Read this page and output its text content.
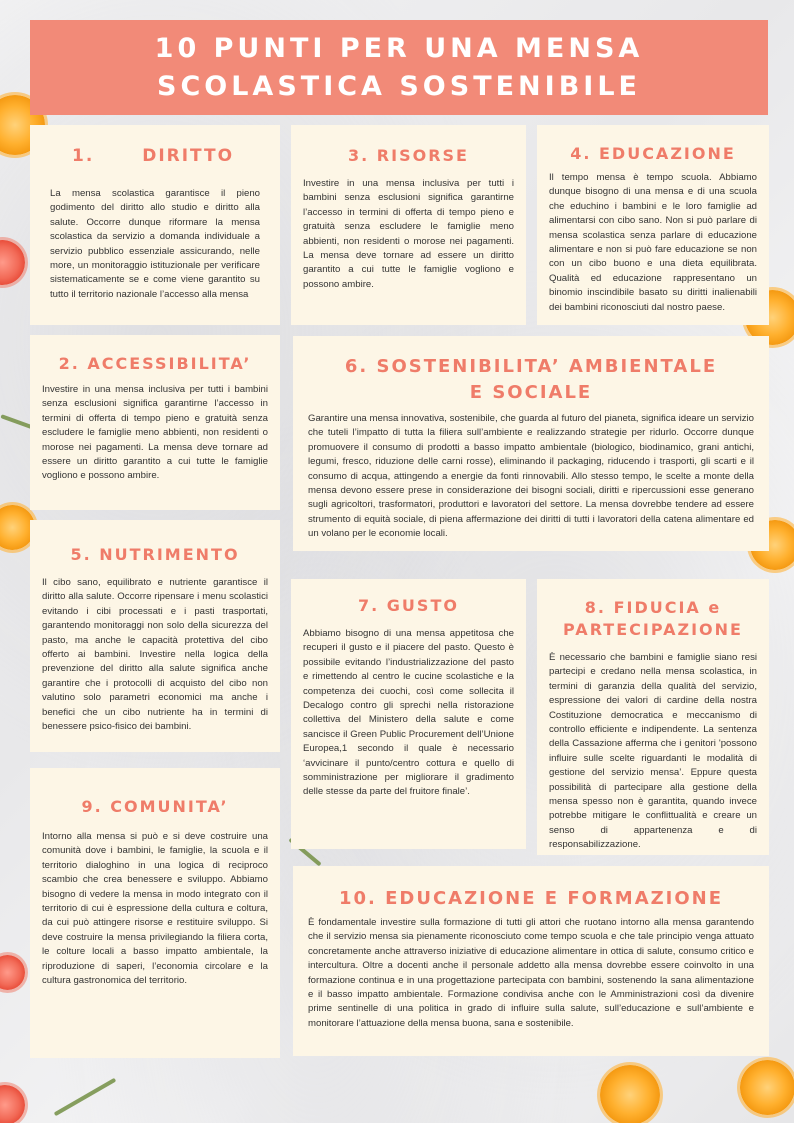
10 PUNTI PER UNA MENSA SCOLASTICA SOSTENIBILE
1. DIRITTO

La mensa scolastica garantisce il pieno godimento del diritto allo studio e diritto alla salute. Occorre dunque riformare la mensa scolastica da servizio a domanda individuale a servizio pubblico essenziale assicurando, nelle more, un monitoraggio istituzionale per verificare sistematicamente se e come viene garantito su tutto il territorio nazionale l’accesso alla mensa

3. RISORSE

Investire in una mensa inclusiva per tutti i bambini senza esclusioni significa garantirne l’accesso in termini di offerta di tempo pieno e gratuità senza escludere le famiglie meno abbienti, non residenti o morose nei pagamenti. La mensa deve tornare ad essere un diritto garantito a cui tutte le famiglie vogliono e possono ambire.

4. EDUCAZIONE

Il tempo mensa è tempo scuola. Abbiamo dunque bisogno di una mensa e di una scuola che educhino i bambini e le loro famiglie ad alimentarsi con cibo sano. Non si può parlare di mensa scolastica senza parlare di educazione alimentare e non si può fare educazione se non con un cibo buono e una dieta equilibrata. Qualità ed educazione rappresentano un binomio inscindibile basato su diritti inalienabili dei bambini riconosciuti dal nostro paese.

2. ACCESSIBILITA’

Investire in una mensa inclusiva per tutti i bambini senza esclusioni significa garantirne l’accesso in termini di offerta di tempo pieno e gratuità senza escludere le famiglie meno abbienti, non residenti o morose nei pagamenti. La mensa deve tornare ad essere un diritto garantito a cui tutte le famiglie vogliono e possono ambire.

6. SOSTENIBILITA’ AMBIENTALE E SOCIALE

Garantire una mensa innovativa, sostenibile, che guarda al futuro del pianeta, significa ideare un servizio che tuteli l’impatto di tutta la filiera sull’ambiente e realizzando strategie per ridurlo. Occorre dunque promuovere il consumo di prodotti a basso impatto ambientale (biologico, biodinamico, grani antichi, legumi, fresco, riduzione delle carni rosse), eliminando il packaging, riducendo i trasporti, gli scarti e il consumo di acqua, attingendo a energie da fonti rinnovabili. Allo stesso tempo, le scelte a monte della mensa devono essere prese in considerazione dei bisogni sociali, diritti e ripercussioni esse generano sugli agricoltori, trasformatori, produttori e lavoratori del settore. La mensa dovrebbe tendere ad essere strumento di equità sociale, di piena affermazione dei diritti di tutti i lavoratori della catena alimentare ed un volano per le economie locali.

5. NUTRIMENTO

Il cibo sano, equilibrato e nutriente garantisce il diritto alla salute. Occorre ripensare i menu scolastici evitando i cibi processati e i pasti trasportati, garantendo monitoraggi non solo della sicurezza del pasto, ma anche le capacità protettiva del cibo offerto ai bambini. Investire nella logica della prevenzione del diritto alla salute significa anche garantire che i protocolli di acquisto del cibo non valutino solo parametri economici ma anche i benefici che un cibo nutriente ha in termini di benessere psico-fisico dei bambini.

7. GUSTO

Abbiamo bisogno di una mensa appetitosa che recuperi il gusto e il piacere del pasto. Questo è possibile evitando l’industrializzazione del pasto e rimettendo al centro le cucine scolastiche e la competenza dei cuochi, così come sollecita il Decalogo contro gli sprechi nella ristorazione collettiva del Ministero della salute e come sancisce il Green Public Procurement dell’Unione Europea,1 secondo il quale è necessario ‘avvicinare il punto/centro cottura e quello di somministrazione per migliorare il gradimento delle stesse da parte del fruitore finale’.

8. FIDUCIA e PARTECIPAZIONE

È necessario che bambini e famiglie siano resi partecipi e credano nella mensa scolastica, in termini di garanzia della qualità del servizio, espressione dei valori di cardine della nostra Costituzione democratica e meccanismo di controllo efficiente e indipendente. La sentenza della Cassazione afferma che i genitori 'possono influire sulle scelte riguardanti le modalità di gestione del servizio mensa’. Eppure questa possibilità di partecipare alla gestione della mensa spesso non è garantita, quando invece potrebbe mitigare le conflittualità e creare un senso di appartenenza e di responsabilizzazione.

9. COMUNITA’

Intorno alla mensa si può e si deve costruire una comunità dove i bambini, le famiglie, la scuola e il territorio dialoghino in una logica di reciproco scambio che crea benessere e sviluppo. Abbiamo bisogno di vedere la mensa in modo integrato con il territorio di cui è espressione della cultura e coltura, da cui può attingere risorse e restituire sviluppo. Si deve costruire la mensa privilegiando la filiera corta, le colture locali a basso impatto ambientale, la riproduzione di saperi, l’economia circolare e la cultura gastronomica del territorio.

10. EDUCAZIONE E FORMAZIONE

È fondamentale investire sulla formazione di tutti gli attori che ruotano intorno alla mensa garantendo che il servizio mensa sia pienamente riconosciuto come tempo scuola e che tale principio venga attuato concretamente anche attraverso iniziative di educazione alimentare in ottica di salute, consumo critico e intercultura. Oltre a docenti anche il personale addetto alla mensa dovrebbe essere coinvolto in una formazione continua e in una progettazione partecipata con bambini, sostenendo la sana alimentazione e il basso impatto ambientale. Formazione condivisa anche con le Amministrazioni così da divenire prime sentinelle di una politica in grado di influire sulla salute, sull’educazione e sull’ambiente e monitorare l’attuazione della mensa buona, sana e sostenibile.
